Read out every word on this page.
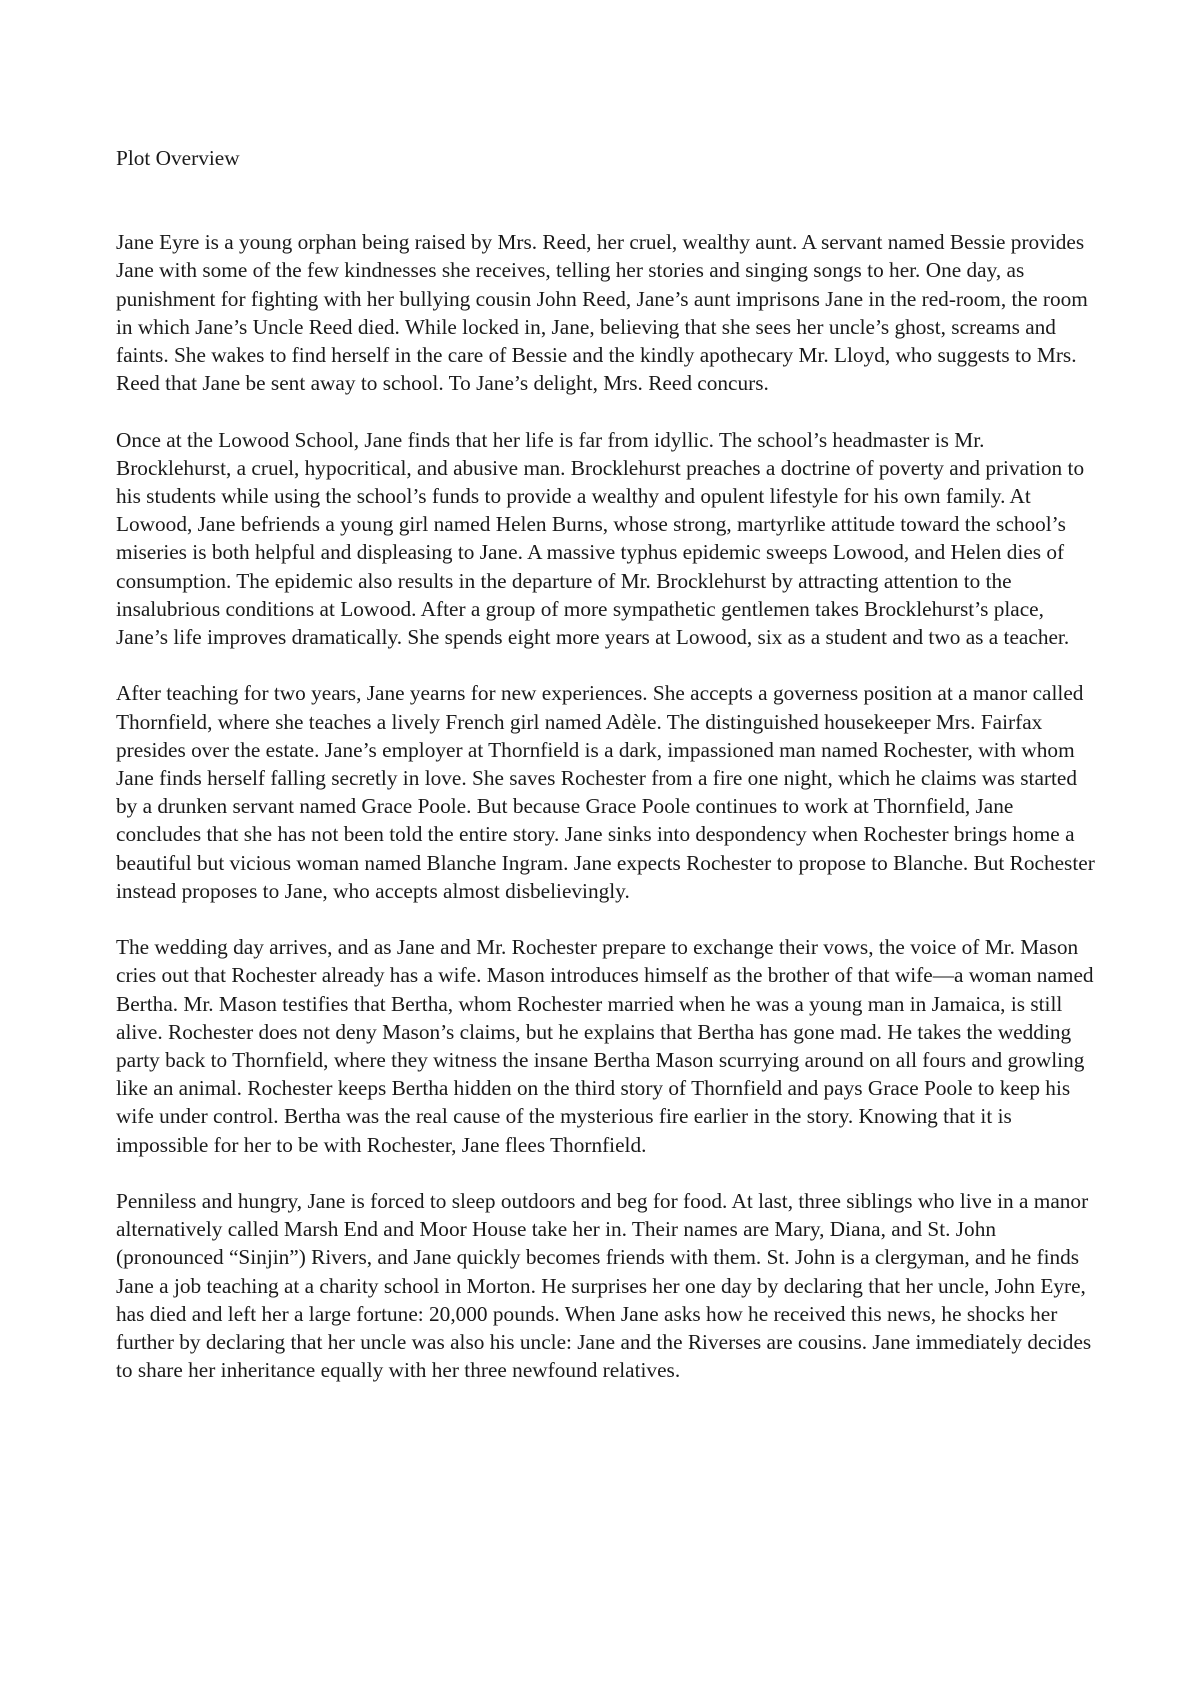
Plot Overview

Jane Eyre is a young orphan being raised by Mrs. Reed, her cruel, wealthy aunt. A servant named Bessie provides Jane with some of the few kindnesses she receives, telling her stories and singing songs to her. One day, as punishment for fighting with her bullying cousin John Reed, Jane’s aunt imprisons Jane in the red-room, the room in which Jane’s Uncle Reed died. While locked in, Jane, believing that she sees her uncle’s ghost, screams and faints. She wakes to find herself in the care of Bessie and the kindly apothecary Mr. Lloyd, who suggests to Mrs. Reed that Jane be sent away to school. To Jane’s delight, Mrs. Reed concurs.

Once at the Lowood School, Jane finds that her life is far from idyllic. The school’s headmaster is Mr. Brocklehurst, a cruel, hypocritical, and abusive man. Brocklehurst preaches a doctrine of poverty and privation to his students while using the school’s funds to provide a wealthy and opulent lifestyle for his own family. At Lowood, Jane befriends a young girl named Helen Burns, whose strong, martyrlike attitude toward the school’s miseries is both helpful and displeasing to Jane. A massive typhus epidemic sweeps Lowood, and Helen dies of consumption. The epidemic also results in the departure of Mr. Brocklehurst by attracting attention to the insalubrious conditions at Lowood. After a group of more sympathetic gentlemen takes Brocklehurst’s place, Jane’s life improves dramatically. She spends eight more years at Lowood, six as a student and two as a teacher.

After teaching for two years, Jane yearns for new experiences. She accepts a governess position at a manor called Thornfield, where she teaches a lively French girl named Adèle. The distinguished housekeeper Mrs. Fairfax presides over the estate. Jane’s employer at Thornfield is a dark, impassioned man named Rochester, with whom Jane finds herself falling secretly in love. She saves Rochester from a fire one night, which he claims was started by a drunken servant named Grace Poole. But because Grace Poole continues to work at Thornfield, Jane concludes that she has not been told the entire story. Jane sinks into despondency when Rochester brings home a beautiful but vicious woman named Blanche Ingram. Jane expects Rochester to propose to Blanche. But Rochester instead proposes to Jane, who accepts almost disbelievingly.

The wedding day arrives, and as Jane and Mr. Rochester prepare to exchange their vows, the voice of Mr. Mason cries out that Rochester already has a wife. Mason introduces himself as the brother of that wife—a woman named Bertha. Mr. Mason testifies that Bertha, whom Rochester married when he was a young man in Jamaica, is still alive. Rochester does not deny Mason’s claims, but he explains that Bertha has gone mad. He takes the wedding party back to Thornfield, where they witness the insane Bertha Mason scurrying around on all fours and growling like an animal. Rochester keeps Bertha hidden on the third story of Thornfield and pays Grace Poole to keep his wife under control. Bertha was the real cause of the mysterious fire earlier in the story. Knowing that it is impossible for her to be with Rochester, Jane flees Thornfield.

Penniless and hungry, Jane is forced to sleep outdoors and beg for food. At last, three siblings who live in a manor alternatively called Marsh End and Moor House take her in. Their names are Mary, Diana, and St. John (pronounced “Sinjin”) Rivers, and Jane quickly becomes friends with them. St. John is a clergyman, and he finds Jane a job teaching at a charity school in Morton. He surprises her one day by declaring that her uncle, John Eyre, has died and left her a large fortune: 20,000 pounds. When Jane asks how he received this news, he shocks her further by declaring that her uncle was also his uncle: Jane and the Riverses are cousins. Jane immediately decides to share her inheritance equally with her three newfound relatives.
